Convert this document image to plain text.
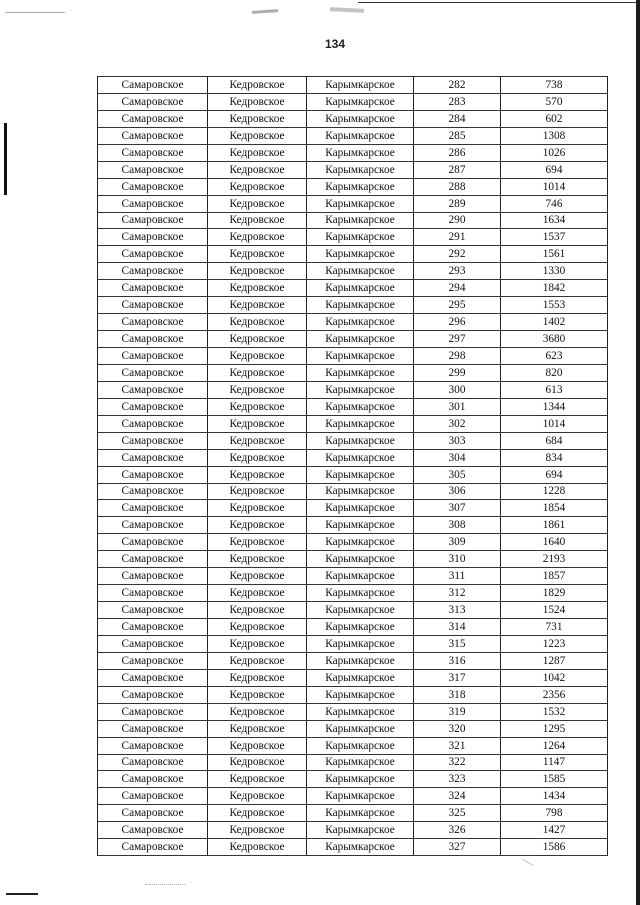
134
Самаровское	Кедровское	Карымкарское	282	738
Самаровское	Кедровское	Карымкарское	283	570
Самаровское	Кедровское	Карымкарское	284	602
Самаровское	Кедровское	Карымкарское	285	1308
Самаровское	Кедровское	Карымкарское	286	1026
Самаровское	Кедровское	Карымкарское	287	694
Самаровское	Кедровское	Карымкарское	288	1014
Самаровское	Кедровское	Карымкарское	289	746
Самаровское	Кедровское	Карымкарское	290	1634
Самаровское	Кедровское	Карымкарское	291	1537
Самаровское	Кедровское	Карымкарское	292	1561
Самаровское	Кедровское	Карымкарское	293	1330
Самаровское	Кедровское	Карымкарское	294	1842
Самаровское	Кедровское	Карымкарское	295	1553
Самаровское	Кедровское	Карымкарское	296	1402
Самаровское	Кедровское	Карымкарское	297	3680
Самаровское	Кедровское	Карымкарское	298	623
Самаровское	Кедровское	Карымкарское	299	820
Самаровское	Кедровское	Карымкарское	300	613
Самаровское	Кедровское	Карымкарское	301	1344
Самаровское	Кедровское	Карымкарское	302	1014
Самаровское	Кедровское	Карымкарское	303	684
Самаровское	Кедровское	Карымкарское	304	834
Самаровское	Кедровское	Карымкарское	305	694
Самаровское	Кедровское	Карымкарское	306	1228
Самаровское	Кедровское	Карымкарское	307	1854
Самаровское	Кедровское	Карымкарское	308	1861
Самаровское	Кедровское	Карымкарское	309	1640
Самаровское	Кедровское	Карымкарское	310	2193
Самаровское	Кедровское	Карымкарское	311	1857
Самаровское	Кедровское	Карымкарское	312	1829
Самаровское	Кедровское	Карымкарское	313	1524
Самаровское	Кедровское	Карымкарское	314	731
Самаровское	Кедровское	Карымкарское	315	1223
Самаровское	Кедровское	Карымкарское	316	1287
Самаровское	Кедровское	Карымкарское	317	1042
Самаровское	Кедровское	Карымкарское	318	2356
Самаровское	Кедровское	Карымкарское	319	1532
Самаровское	Кедровское	Карымкарское	320	1295
Самаровское	Кедровское	Карымкарское	321	1264
Самаровское	Кедровское	Карымкарское	322	1147
Самаровское	Кедровское	Карымкарское	323	1585
Самаровское	Кедровское	Карымкарское	324	1434
Самаровское	Кедровское	Карымкарское	325	798
Самаровское	Кедровское	Карымкарское	326	1427
Самаровское	Кедровское	Карымкарское	327	1586
